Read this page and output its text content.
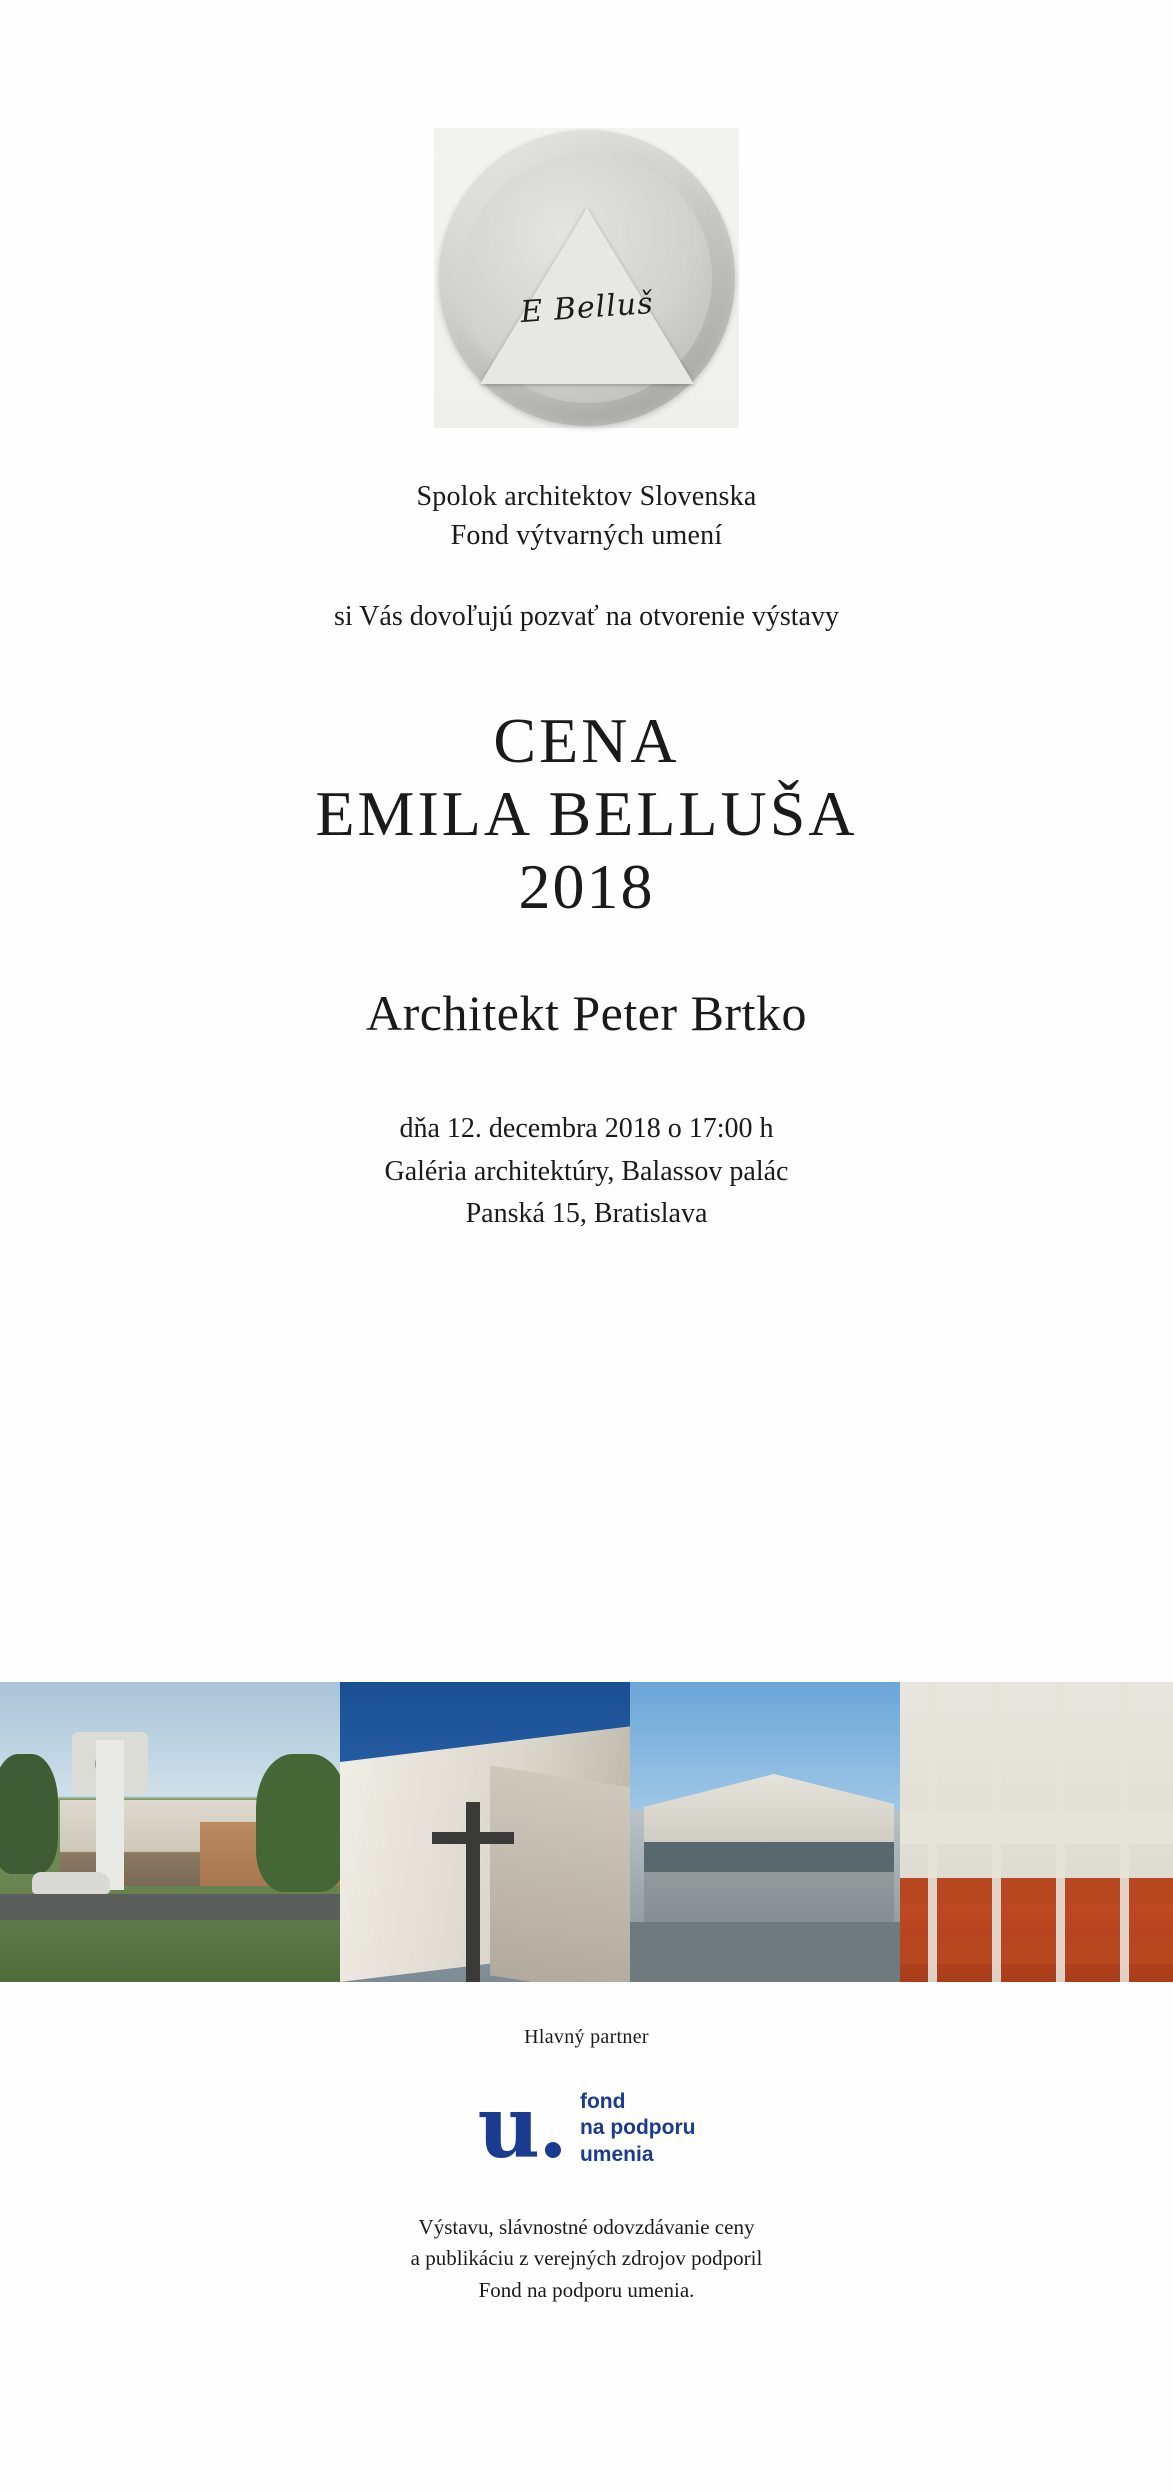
E Belluš
Spolok architektov Slovenska
Fond výtvarných umení
si Vás dovoľujú pozvať na otvorenie výstavy
CENA
EMILA BELLUŠA
2018
Architekt Peter Brtko
dňa 12. decembra 2018 o 17:00 h
Galéria architektúry, Balassov palác
Panská 15, Bratislava
Hlavný partner
u. fond
na podporu
umenia
Výstavu, slávnostné odovzdávanie ceny
a publikáciu z verejných zdrojov podporil
Fond na podporu umenia.
